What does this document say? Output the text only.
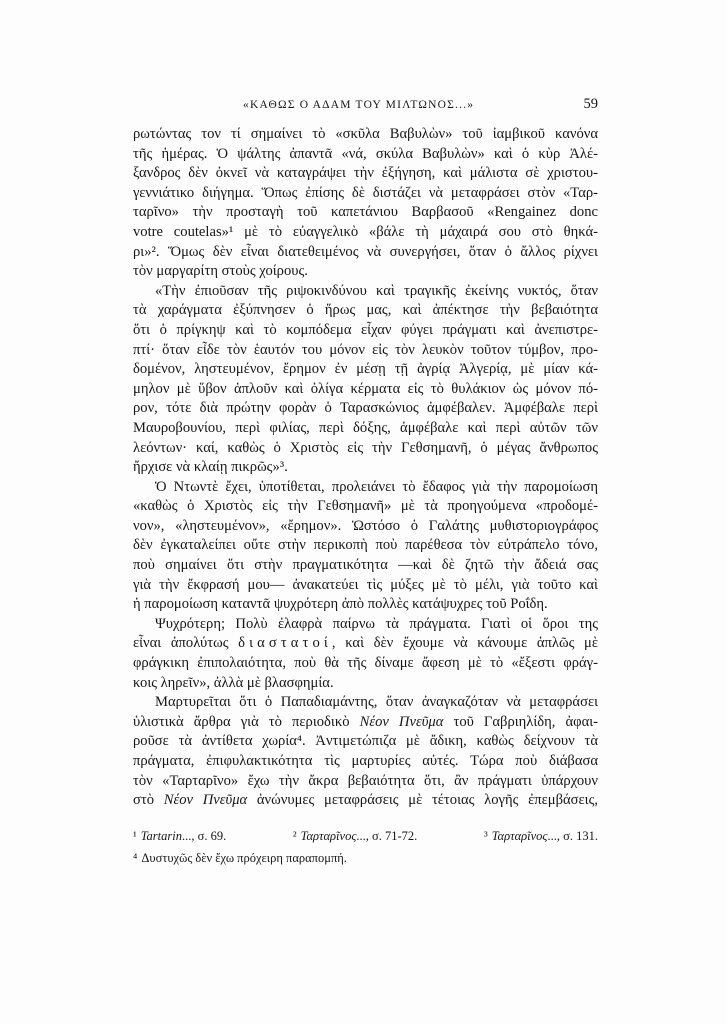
«ΚΑΘΩΣ Ο ΑΔΑΜ ΤΟΥ ΜΙΛΤΩΝΟΣ...»	59
ρωτώντας τον τί σημαίνει τὸ «σκῦλα Βαβυλὼν» τοῦ ἰαμβικοῦ κανόνα
τῆς ἡμέρας. Ὁ ψάλτης ἀπαντᾶ «νά, σκύλα Βαβυλὼν» καὶ ὁ κὺρ Ἀλέ-
ξανδρος δὲν ὀκνεῖ νὰ καταγράψει τὴν ἐξήγηση, καὶ μάλιστα σὲ χριστου-
γεννιάτικο διήγημα. Ὅπως ἐπίσης δὲ διστάζει νὰ μεταφράσει στὸν «Ταρ-
ταρῖνο» τὴν προσταγὴ τοῦ καπετάνιου Βαρβασοῦ «Rengainez donc
votre coutelas»¹ μὲ τὸ εὐαγγελικὸ «βάλε τὴ μάχαιρά σου στὸ θηκά-
ρι»². Ὅμως δὲν εἶναι διατεθειμένος νὰ συνεργήσει, ὅταν ὁ ἄλλος ρίχνει
τὸν μαργαρίτη στοὺς χοίρους.
«Τὴν ἐπιοῦσαν τῆς ριψοκινδύνου καὶ τραγικῆς ἐκείνης νυκτός, ὅταν
τὰ χαράγματα ἐξύπνησεν ὁ ἥρως μας, καὶ ἀπέκτησε τὴν βεβαιότητα
ὅτι ὁ πρίγκηψ καὶ τὸ κομπόδεμα εἶχαν φύγει πράγματι καὶ ἀνεπιστρε-
πτί· ὅταν εἶδε τὸν ἑαυτόν του μόνον εἰς τὸν λευκὸν τοῦτον τύμβον, προ-
δομένον, ληστευμένον, ἔρημον ἐν μέσῃ τῇ ἀγρίᾳ Ἀλγερίᾳ, μὲ μίαν κά-
μηλον μὲ ὕβον ἁπλοῦν καὶ ὀλίγα κέρματα εἰς τὸ θυλάκιον ὡς μόνον πό-
ρον, τότε διὰ πρώτην φορὰν ὁ Ταρασκώνιος ἀμφέβαλεν. Ἀμφέβαλε περὶ
Μαυροβουνίου, περὶ φιλίας, περὶ δόξης, ἀμφέβαλε καὶ περὶ αὐτῶν τῶν
λεόντων· καί, καθὼς ὁ Χριστὸς εἰς τὴν Γεθσημανῆ, ὁ μέγας ἄνθρωπος
ἤρχισε νὰ κλαίῃ πικρῶς»³.
Ὁ Ντωντὲ ἔχει, ὑποτίθεται, προλειάνει τὸ ἔδαφος γιὰ τὴν παρομοίωση
«καθὼς ὁ Χριστὸς εἰς τὴν Γεθσημανῆ» μὲ τὰ προηγούμενα «προδομέ-
νον», «ληστευμένον», «ἔρημον». Ὡστόσο ὁ Γαλάτης μυθιστοριογράφος
δὲν ἐγκαταλείπει οὔτε στὴν περικοπὴ ποὺ παρέθεσα τὸν εὐτράπελο τόνο,
ποὺ σημαίνει ὅτι στὴν πραγματικότητα —καὶ δὲ ζητῶ τὴν ἄδειά σας
γιὰ τὴν ἔκφρασή μου— ἀνακατεύει τὶς μύξες μὲ τὸ μέλι, γιὰ τοῦτο καὶ
ἡ παρομοίωση καταντᾶ ψυχρότερη ἀπὸ πολλὲς κατάψυχρες τοῦ Ροΐδη.
Ψυχρότερη; Πολὺ ἐλαφρὰ παίρνω τὰ πράγματα. Γιατὶ οἱ ὅροι της
εἶναι ἀπολύτως διαστατοί, καὶ δὲν ἔχουμε νὰ κάνουμε ἁπλῶς μὲ
φράγκικη ἐπιπολαιότητα, ποὺ θὰ τῆς δίναμε ἄφεση μὲ τὸ «ἔξεστι φράγ-
κοις ληρεῖν», ἀλλὰ μὲ βλασφημία.
Μαρτυρεῖται ὅτι ὁ Παπαδιαμάντης, ὅταν ἀναγκαζόταν νὰ μεταφράσει
ὑλιστικὰ ἄρθρα γιὰ τὸ περιοδικὸ Νέον Πνεῦμα τοῦ Γαβριηλίδη, ἀφαι-
ροῦσε τὰ ἀντίθετα χωρία⁴. Ἀντιμετώπιζα μὲ ἄδικη, καθὼς δείχνουν τὰ
πράγματα, ἐπιφυλακτικότητα τὶς μαρτυρίες αὐτές. Τώρα ποὺ διάβασα
τὸν «Ταρταρῖνο» ἔχω τὴν ἄκρα βεβαιότητα ὅτι, ἂν πράγματι ὑπάρχουν
στὸ Νέον Πνεῦμα ἀνώνυμες μεταφράσεις μὲ τέτοιας λογῆς ἐπεμβάσεις,
¹ Tartarin..., σ. 69.	² Ταρταρῖνος..., σ. 71-72.	³ Ταρταρῖνος..., σ. 131.
⁴ Δυστυχῶς δὲν ἔχω πρόχειρη παραπομπή.
